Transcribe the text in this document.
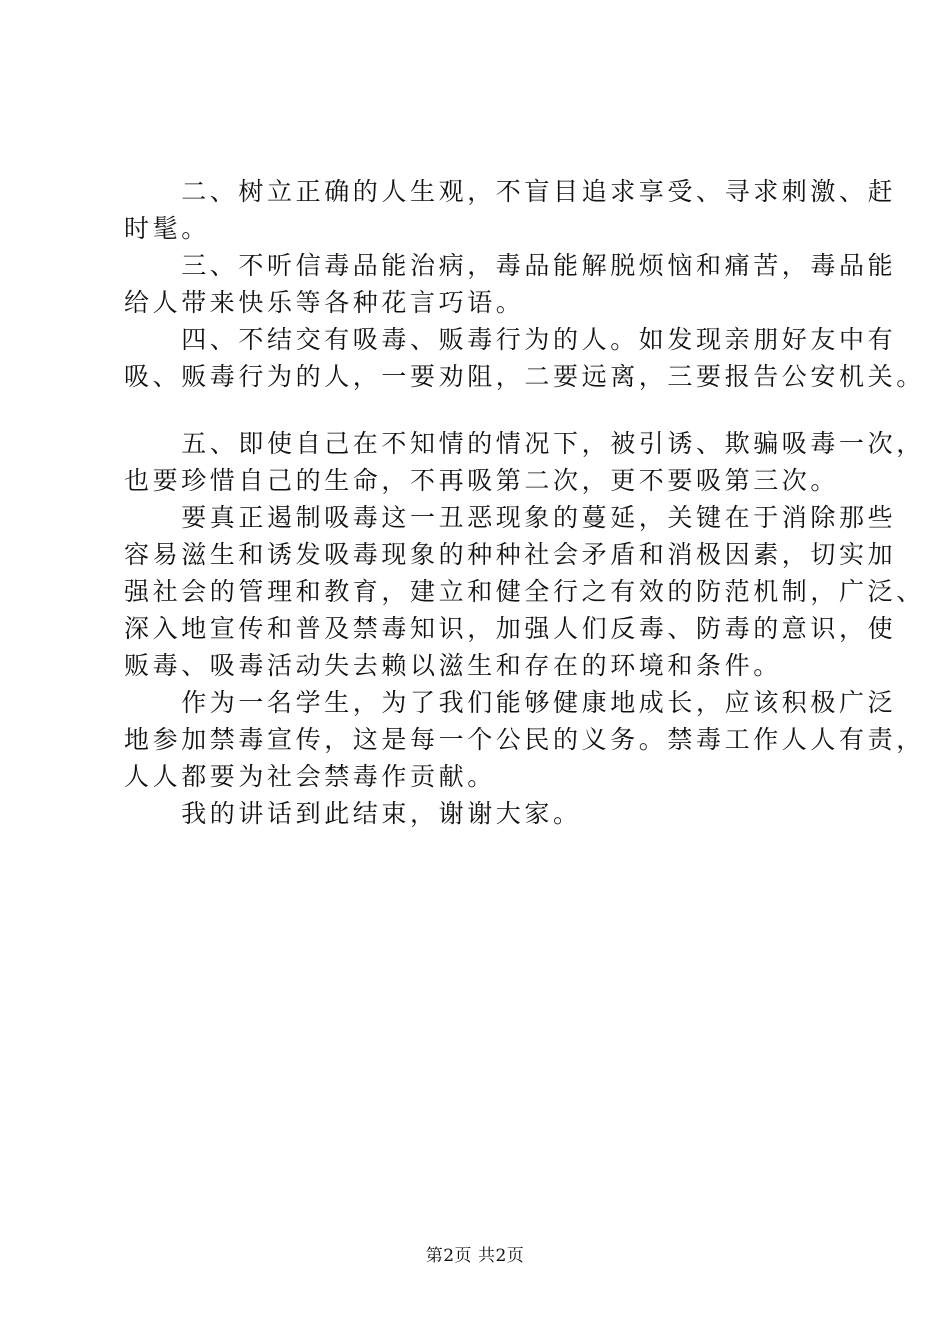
　　二、树立正确的人生观，不盲目追求享受、寻求刺激、赶
时髦。
　　三、不听信毒品能治病，毒品能解脱烦恼和痛苦，毒品能
给人带来快乐等各种花言巧语。
　　四、不结交有吸毒、贩毒行为的人。如发现亲朋好友中有
吸、贩毒行为的人，一要劝阻，二要远离，三要报告公安机关。
　　五、即使自己在不知情的情况下，被引诱、欺骗吸毒一次，
也要珍惜自己的生命，不再吸第二次，更不要吸第三次。
　　要真正遏制吸毒这一丑恶现象的蔓延，关键在于消除那些
容易滋生和诱发吸毒现象的种种社会矛盾和消极因素，切实加
强社会的管理和教育，建立和健全行之有效的防范机制，广泛、
深入地宣传和普及禁毒知识，加强人们反毒、防毒的意识，使
贩毒、吸毒活动失去赖以滋生和存在的环境和条件。
　　作为一名学生，为了我们能够健康地成长，应该积极广泛
地参加禁毒宣传，这是每一个公民的义务。禁毒工作人人有责，
人人都要为社会禁毒作贡献。
　　我的讲话到此结束，谢谢大家。
第2页 共2页
